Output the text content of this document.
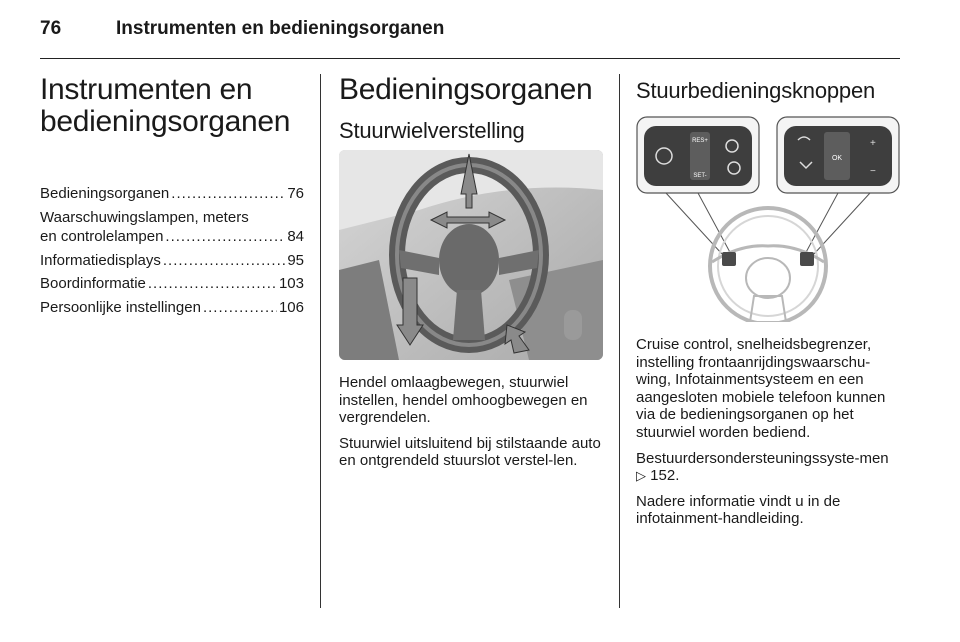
76	Instrumenten en bedieningsorganen
Instrumenten en
bedieningsorganen
Bedieningsorganen .....	76
Waarschuwingslampen, meters
en controlelampen .....	84
Informatiedisplays .....	95
Boordinformatie .....	103
Persoonlijke instellingen .....	106
Bedieningsorganen
Stuurwielverstelling

Hendel omlaagbewegen, stuurwiel instellen, hendel omhoogbewegen en vergrendelen.

Stuurwiel uitsluitend bij stilstaande auto en ontgrendeld stuurslot verstel-len.

Stuurbedieningsknoppen
RES+
SET-
OK
+
−

Cruise control, snelheidsbegrenzer, instelling frontaanrijdingswaarschu-wing, Infotainmentsysteem en een aangesloten mobiele telefoon kunnen via de bedieningsorganen op het stuurwiel worden bediend.

Bestuurdersondersteuningssyste-men ▷ 152.

Nadere informatie vindt u in de infotainment-handleiding.
